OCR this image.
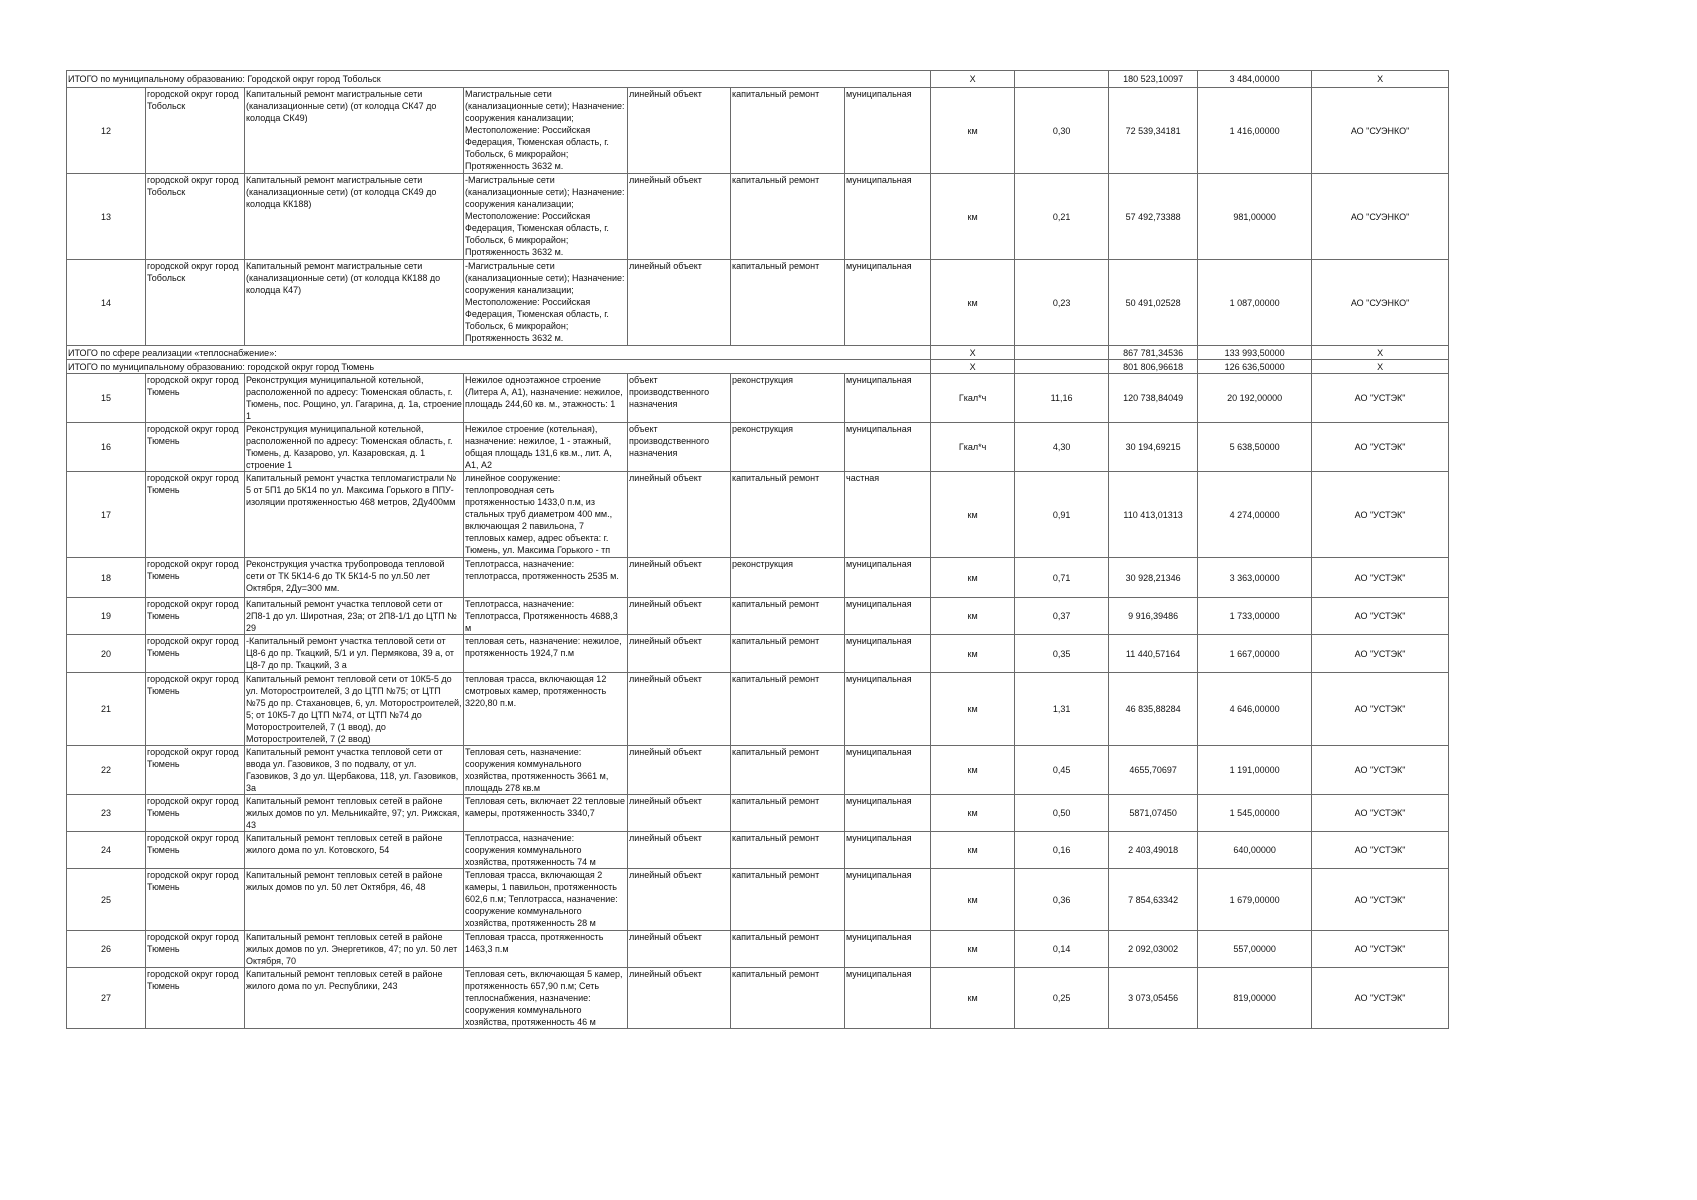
ИТОГО по муниципальному образованию: Городской округ город Тобольск							X		180 523,10097	3 484,00000	X
12	городской округ город Тобольск	Капитальный ремонт магистральные сети (канализационные сети) (от колодца СК47 до колодца СК49)	Магистральные сети (канализационные сети); Назначение: сооружения канализации; Местоположение: Российская Федерация, Тюменская область, г. Тобольск, 6 микрорайон; Протяженность 3632 м.	линейный объект	капитальный ремонт	муниципальная	км	0,30	72 539,34181	1 416,00000	АО "СУЭНКО"
13	городской округ город Тобольск	Капитальный ремонт магистральные сети (канализационные сети) (от колодца СК49 до колодца КК188)	-Магистральные сети (канализационные сети); Назначение: сооружения канализации; Местоположение: Российская Федерация, Тюменская область, г. Тобольск, 6 микрорайон; Протяженность 3632 м.	линейный объект	капитальный ремонт	муниципальная	км	0,21	57 492,73388	981,00000	АО "СУЭНКО"
14	городской округ город Тобольск	Капитальный ремонт магистральные сети (канализационные сети) (от колодца КК188 до колодца К47)	-Магистральные сети (канализационные сети); Назначение: сооружения канализации; Местоположение: Российская Федерация, Тюменская область, г. Тобольск, 6 микрорайон; Протяженность 3632 м.	линейный объект	капитальный ремонт	муниципальная	км	0,23	50 491,02528	1 087,00000	АО "СУЭНКО"
ИТОГО по сфере реализации «теплоснабжение»:							X		867 781,34536	133 993,50000	X
ИТОГО по муниципальному образованию: городской округ город Тюмень							X		801 806,96618	126 636,50000	X
15	городской округ город Тюмень	Реконструкция муниципальной котельной, расположенной по адресу: Тюменская область, г. Тюмень, пос. Рощино, ул. Гагарина, д. 1а, строение 1	Нежилое одноэтажное строение (Литера А, А1), назначение: нежилое, площадь 244,60 кв. м., этажность: 1	объект производственного назначения	реконструкция	муниципальная	Гкал*ч	11,16	120 738,84049	20 192,00000	АО "УСТЭК"
16	городской округ город Тюмень	Реконструкция муниципальной котельной, расположенной по адресу: Тюменская область, г. Тюмень, д. Казарово, ул. Казаровская, д. 1 строение 1	Нежилое строение (котельная), назначение: нежилое, 1 - этажный, общая площадь 131,6 кв.м., лит. А, А1, А2	объект производственного назначения	реконструкция	муниципальная	Гкал*ч	4,30	30 194,69215	5 638,50000	АО "УСТЭК"
17	городской округ город Тюмень	Капитальный ремонт участка тепломагистрали № 5 от 5П1 до 5К14 по ул. Максима Горького в ППУ-изоляции протяженностью 468 метров, 2Ду400мм	линейное сооружение: теплопроводная сеть протяженностью 1433,0 п.м, из стальных труб диаметром 400 мм., включающая 2 павильона, 7 тепловых камер, адрес объекта: г. Тюмень, ул. Максима Горького - тп	линейный объект	капитальный ремонт	частная	км	0,91	110 413,01313	4 274,00000	АО "УСТЭК"
18	городской округ город Тюмень	Реконструкция участка трубопровода тепловой сети от ТК 5К14-6 до ТК 5К14-5 по ул.50 лет Октября, 2Ду=300 мм.	Теплотрасса, назначение: теплотрасса, протяженность 2535 м.	линейный объект	реконструкция	муниципальная	км	0,71	30 928,21346	3 363,00000	АО "УСТЭК"
19	городской округ город Тюмень	Капитальный ремонт участка тепловой сети от 2П8-1 до ул. Широтная, 23а; от 2П8-1/1 до ЦТП № 29	Теплотрасса, назначение: Теплотрасса, Протяженность 4688,3 м	линейный объект	капитальный ремонт	муниципальная	км	0,37	9 916,39486	1 733,00000	АО "УСТЭК"
20	городской округ город Тюмень	-Капитальный ремонт участка тепловой сети от Ц8-6 до пр. Ткацкий, 5/1 и ул. Пермякова, 39 а, от Ц8-7 до пр. Ткацкий, 3 а	тепловая сеть, назначение: нежилое, протяженность 1924,7 п.м	линейный объект	капитальный ремонт	муниципальная	км	0,35	11 440,57164	1 667,00000	АО "УСТЭК"
21	городской округ город Тюмень	Капитальный ремонт тепловой сети от 10К5-5 до ул. Моторостроителей, 3 до ЦТП №75; от ЦТП №75 до пр. Стахановцев, 6, ул. Моторостроителей, 5; от 10К5-7 до ЦТП №74, от ЦТП №74 до Моторостроителей, 7 (1 ввод), до Моторостроителей, 7 (2 ввод)	тепловая трасса, включающая 12 смотровых камер, протяженность 3220,80 п.м.	линейный объект	капитальный ремонт	муниципальная	км	1,31	46 835,88284	4 646,00000	АО "УСТЭК"
22	городской округ город Тюмень	Капитальный ремонт участка тепловой сети от ввода ул. Газовиков, 3 по подвалу, от ул. Газовиков, 3 до ул. Щербакова, 118, ул. Газовиков, 3а	Тепловая сеть, назначение: сооружения коммунального хозяйства, протяженность 3661 м, площадь 278 кв.м	линейный объект	капитальный ремонт	муниципальная	км	0,45	4655,70697	1 191,00000	АО "УСТЭК"
23	городской округ город Тюмень	Капитальный ремонт тепловых сетей в районе жилых домов по ул. Мельникайте, 97; ул. Рижская, 43	Тепловая сеть, включает 22 тепловые камеры, протяженность 3340,7	линейный объект	капитальный ремонт	муниципальная	км	0,50	5871,07450	1 545,00000	АО "УСТЭК"
24	городской округ город Тюмень	Капитальный ремонт тепловых сетей в районе жилого дома по ул. Котовского, 54	Теплотрасса, назначение: сооружения коммунального хозяйства, протяженность 74 м	линейный объект	капитальный ремонт	муниципальная	км	0,16	2 403,49018	640,00000	АО "УСТЭК"
25	городской округ город Тюмень	Капитальный ремонт тепловых сетей в районе жилых домов по ул. 50 лет Октября, 46, 48	Тепловая трасса, включающая 2 камеры, 1 павильон, протяженность 602,6 п.м; Теплотрасса, назначение: сооружение коммунального хозяйства, протяженность 28 м	линейный объект	капитальный ремонт	муниципальная	км	0,36	7 854,63342	1 679,00000	АО "УСТЭК"
26	городской округ город Тюмень	Капитальный ремонт тепловых сетей в районе жилых домов по ул. Энергетиков, 47; по ул. 50 лет Октября, 70	Тепловая трасса, протяженность 1463,3 п.м	линейный объект	капитальный ремонт	муниципальная	км	0,14	2 092,03002	557,00000	АО "УСТЭК"
27	городской округ город Тюмень	Капитальный ремонт тепловых сетей в районе жилого дома по ул. Республики, 243	Тепловая сеть, включающая 5 камер, протяженность 657,90 п.м; Сеть теплоснабжения, назначение: сооружения коммунального хозяйства, протяженность 46 м	линейный объект	капитальный ремонт	муниципальная	км	0,25	3 073,05456	819,00000	АО "УСТЭК"
